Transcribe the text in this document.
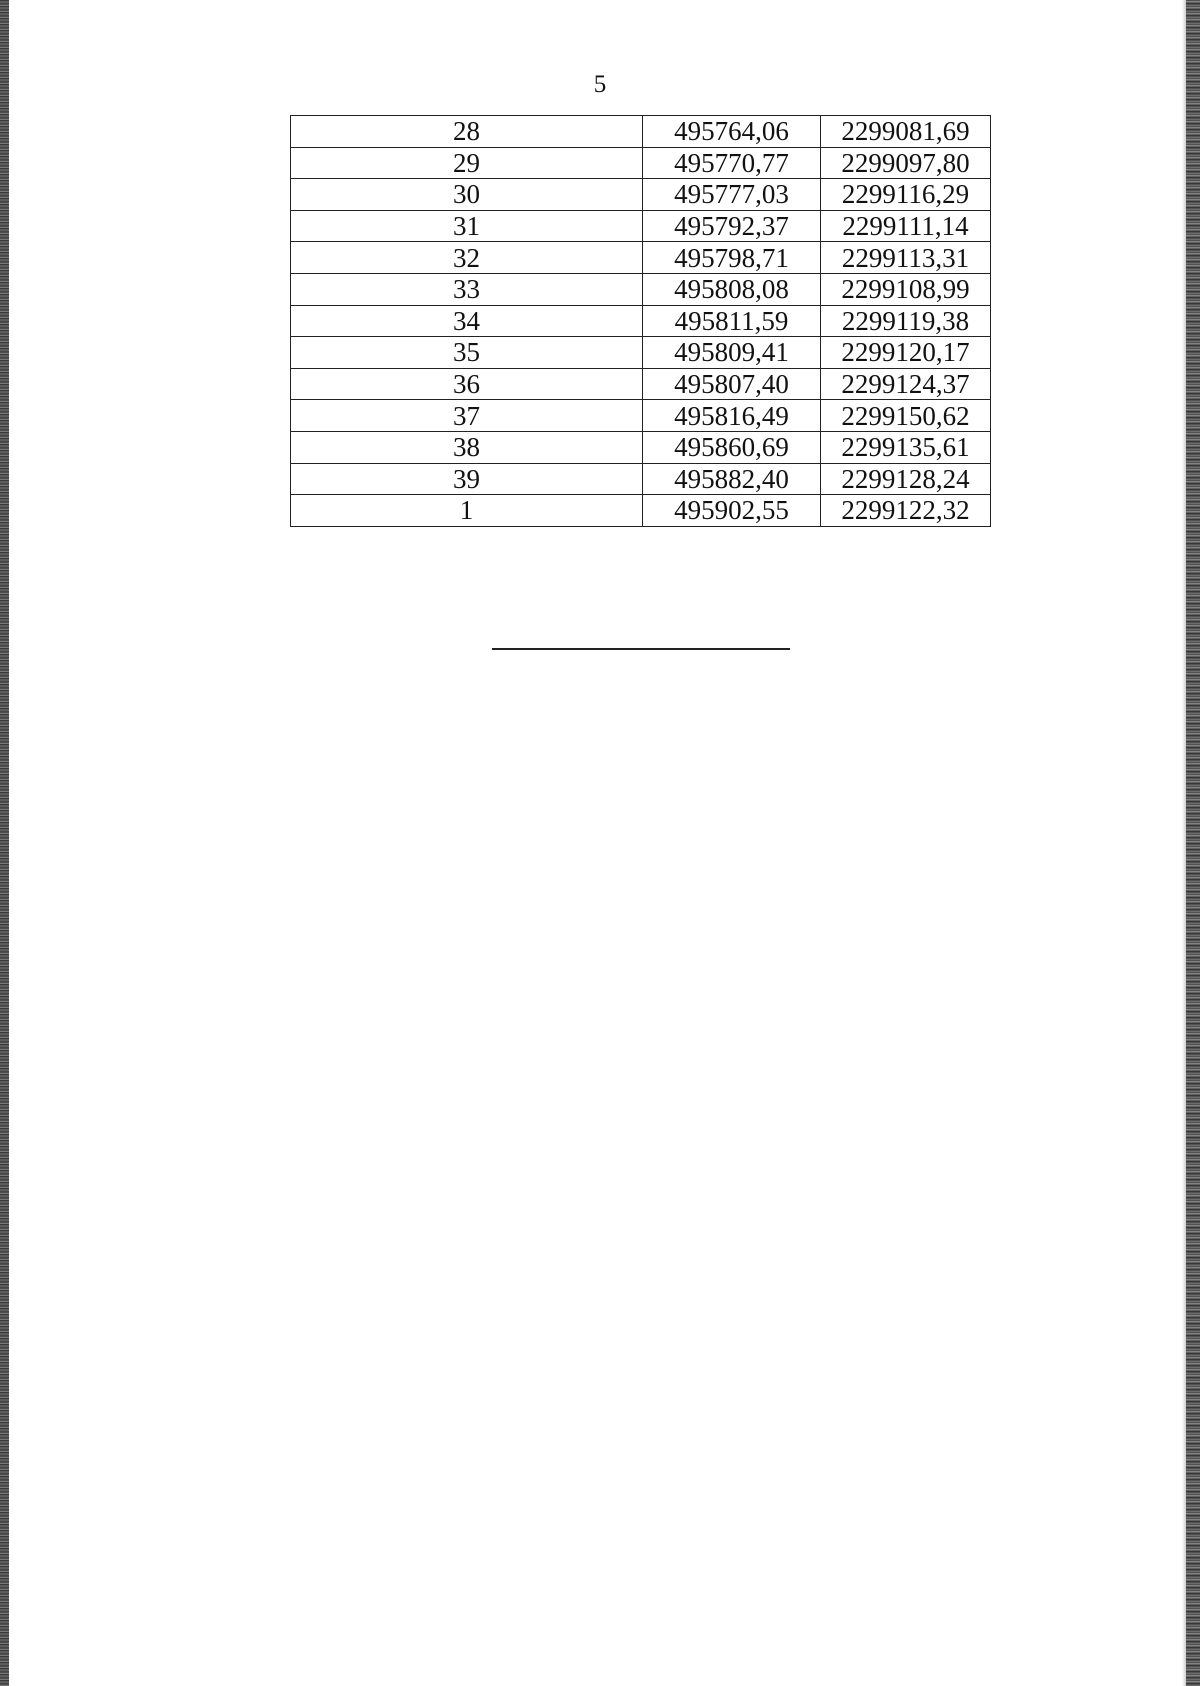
5
28	495764,06	2299081,69
29	495770,77	2299097,80
30	495777,03	2299116,29
31	495792,37	2299111,14
32	495798,71	2299113,31
33	495808,08	2299108,99
34	495811,59	2299119,38
35	495809,41	2299120,17
36	495807,40	2299124,37
37	495816,49	2299150,62
38	495860,69	2299135,61
39	495882,40	2299128,24
1	495902,55	2299122,32
